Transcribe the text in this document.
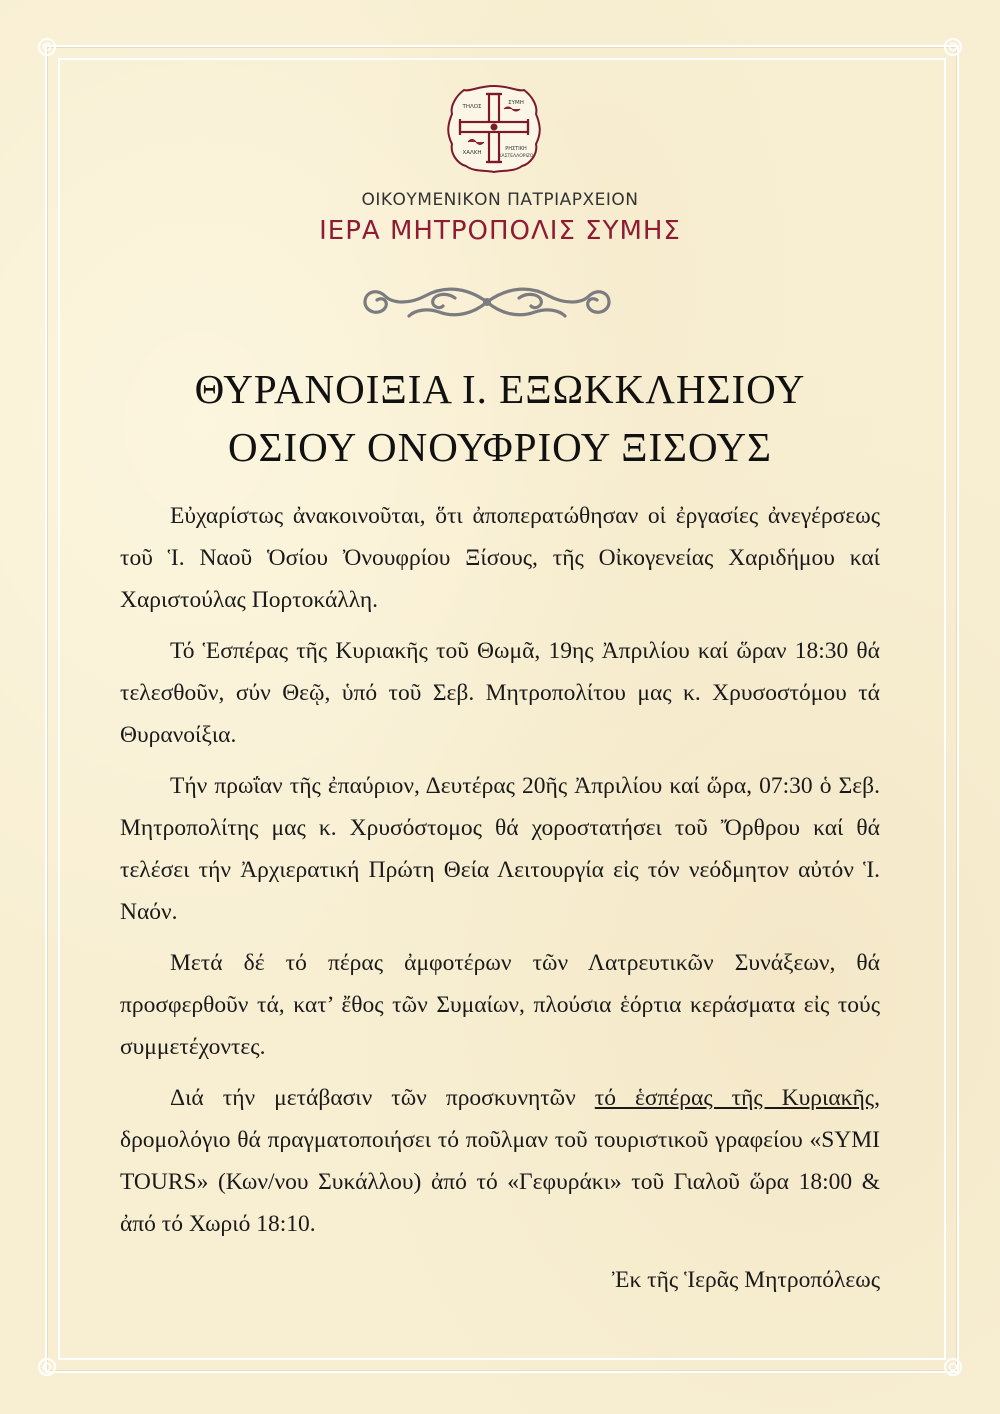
ΤΗΛΟΣ
ΣΥΜΗ
ΧΑΛΚΗ
ΡΗΣΤΙΚΗ
ΚΑΣΤΕΛΛΟΡΙΖΟ

ΟΙΚΟΥΜΕΝΙΚΟΝ ΠΑΤΡΙΑΡΧΕΙΟΝ

ΙΕΡΑ ΜΗΤΡΟΠΟΛΙΣ ΣΥΜΗΣ

ΘΥΡΑΝΟΙΞΙΑ Ι. ΕΞΩΚΚΛΗΣΙΟΥ
ΟΣΙΟΥ ΟΝΟΥΦΡΙΟΥ ΞΙΣΟΥΣ

Εὐχαρίστως ἀνακοινοῦται, ὅτι ἀποπερατώθησαν οἱ ἐργασίες ἀνεγέρσεως τοῦ Ἱ. Ναοῦ Ὁσίου Ὀνουφρίου Ξίσους, τῆς Οἰκογενείας Χαριδήμου καί Χαριστούλας Πορτοκάλλη.

Τό Ἑσπέρας τῆς Κυριακῆς τοῦ Θωμᾶ, 19ης Ἀπριλίου καί ὥραν 18:30 θά τελεσθοῦν, σύν Θεῷ, ὑπό τοῦ Σεβ. Μητροπολίτου μας κ. Χρυσοστόμου τά Θυρανοίξια.

Τήν πρωΐαν τῆς ἐπαύριον, Δευτέρας 20ῆς Ἀπριλίου καί ὥρα, 07:30 ὁ Σεβ. Μητροπολίτης μας κ. Χρυσόστομος θά χοροστατήσει τοῦ Ὄρθρου καί θά τελέσει τήν Ἀρχιερατική Πρώτη Θεία Λειτουργία εἰς τόν νεόδμητον αὐτόν Ἱ. Ναόν.

Μετά δέ τό πέρας ἀμφοτέρων τῶν Λατρευτικῶν Συνάξεων, θά προσφερθοῦν τά, κατ’ ἔθος τῶν Συμαίων, πλούσια ἑόρτια κεράσματα εἰς τούς συμμετέχοντες.

Διά τήν μετάβασιν τῶν προσκυνητῶν τό ἑσπέρας τῆς Κυριακῆς, δρομολόγιο θά πραγματοποιήσει τό ποῦλμαν τοῦ τουριστικοῦ γραφείου «SYMI TOURS» (Κων/νου Συκάλλου) ἀπό τό «Γεφυράκι» τοῦ Γιαλοῦ ὥρα 18:00 & ἀπό τό Χωριό 18:10.

Ἐκ τῆς Ἱερᾶς Μητροπόλεως
